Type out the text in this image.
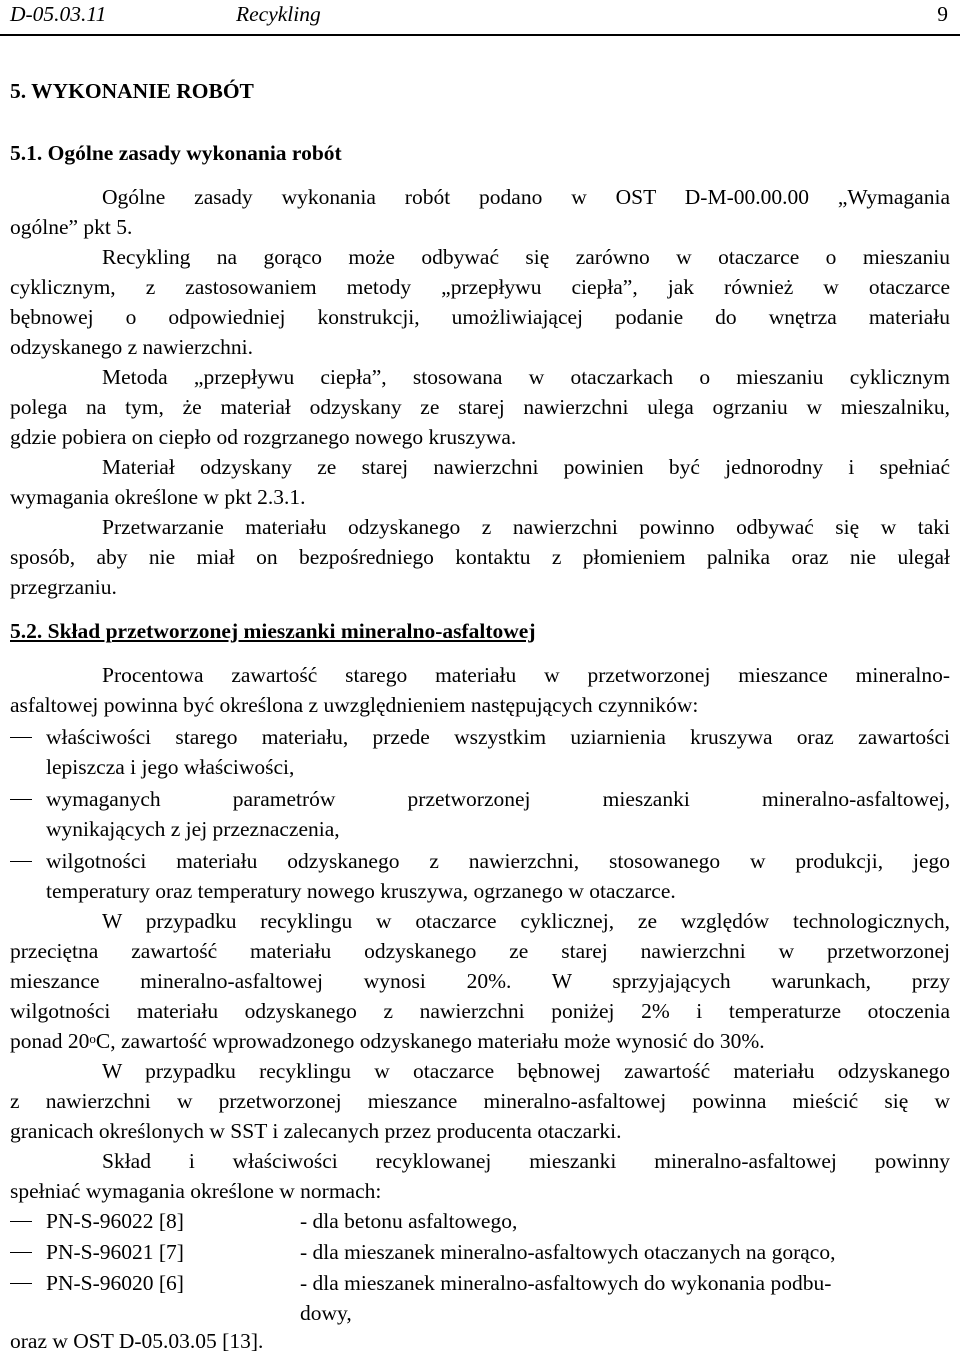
D-05.03.11	Recykling	9
5. WYKONANIE ROBÓT
5.1. Ogólne zasady wykonania robót
Ogólne zasady wykonania robót podano w OST D-M-00.00.00 „Wymagania
ogólne” pkt 5.
Recykling na gorąco może odbywać się zarówno w otaczarce o mieszaniu
cyklicznym, z zastosowaniem metody „przepływu ciepła”, jak również w otaczarce
bębnowej o odpowiedniej konstrukcji, umożliwiającej podanie do wnętrza materiału
odzyskanego z nawierzchni.
Metoda „przepływu ciepła”, stosowana w otaczarkach o mieszaniu cyklicznym
polega na tym, że materiał odzyskany ze starej nawierzchni ulega ogrzaniu w mieszalniku,
gdzie pobiera on ciepło od rozgrzanego nowego kruszywa.
Materiał odzyskany ze starej nawierzchni powinien być jednorodny i spełniać
wymagania określone w pkt 2.3.1.
Przetwarzanie materiału odzyskanego z nawierzchni powinno odbywać się w taki
sposób, aby nie miał on bezpośredniego kontaktu z płomieniem palnika oraz nie ulegał
przegrzaniu.
5.2. Skład przetworzonej mieszanki mineralno-asfaltowej
Procentowa zawartość starego materiału w przetworzonej mieszance mineralno-
asfaltowej powinna być określona z uwzględnieniem następujących czynników:
właściwości starego materiału, przede wszystkim uziarnienia kruszywa oraz zawartości
lepiszcza i jego właściwości,
wymaganych parametrów przetworzonej mieszanki mineralno-asfaltowej,
wynikających z jej przeznaczenia,
wilgotności materiału odzyskanego z nawierzchni, stosowanego w produkcji, jego
temperatury oraz temperatury nowego kruszywa, ogrzanego w otaczarce.
W przypadku recyklingu w otaczarce cyklicznej, ze względów technologicznych,
przeciętna zawartość materiału odzyskanego ze starej nawierzchni w przetworzonej
mieszance mineralno-asfaltowej wynosi 20%. W sprzyjających warunkach, przy
wilgotności materiału odzyskanego z nawierzchni poniżej 2% i temperaturze otoczenia
ponad 20$^o$C, zawartość wprowadzonego odzyskanego materiału może wynosić do 30%.
W przypadku recyklingu w otaczarce bębnowej zawartość materiału odzyskanego
z nawierzchni w przetworzonej mieszance mineralno-asfaltowej powinna mieścić się w
granicach określonych w SST i zalecanych przez producenta otaczarki.
Skład i właściwości recyklowanej mieszanki mineralno-asfaltowej powinny
spełniać wymagania określone w normach:
PN-S-96022 [8]	- dla betonu asfaltowego,
PN-S-96021 [7]	- dla mieszanek mineralno-asfaltowych otaczanych na gorąco,
PN-S-96020 [6]	- dla mieszanek mineralno-asfaltowych do wykonania podbu-
dowy,
oraz w OST D-05.03.05 [13].
